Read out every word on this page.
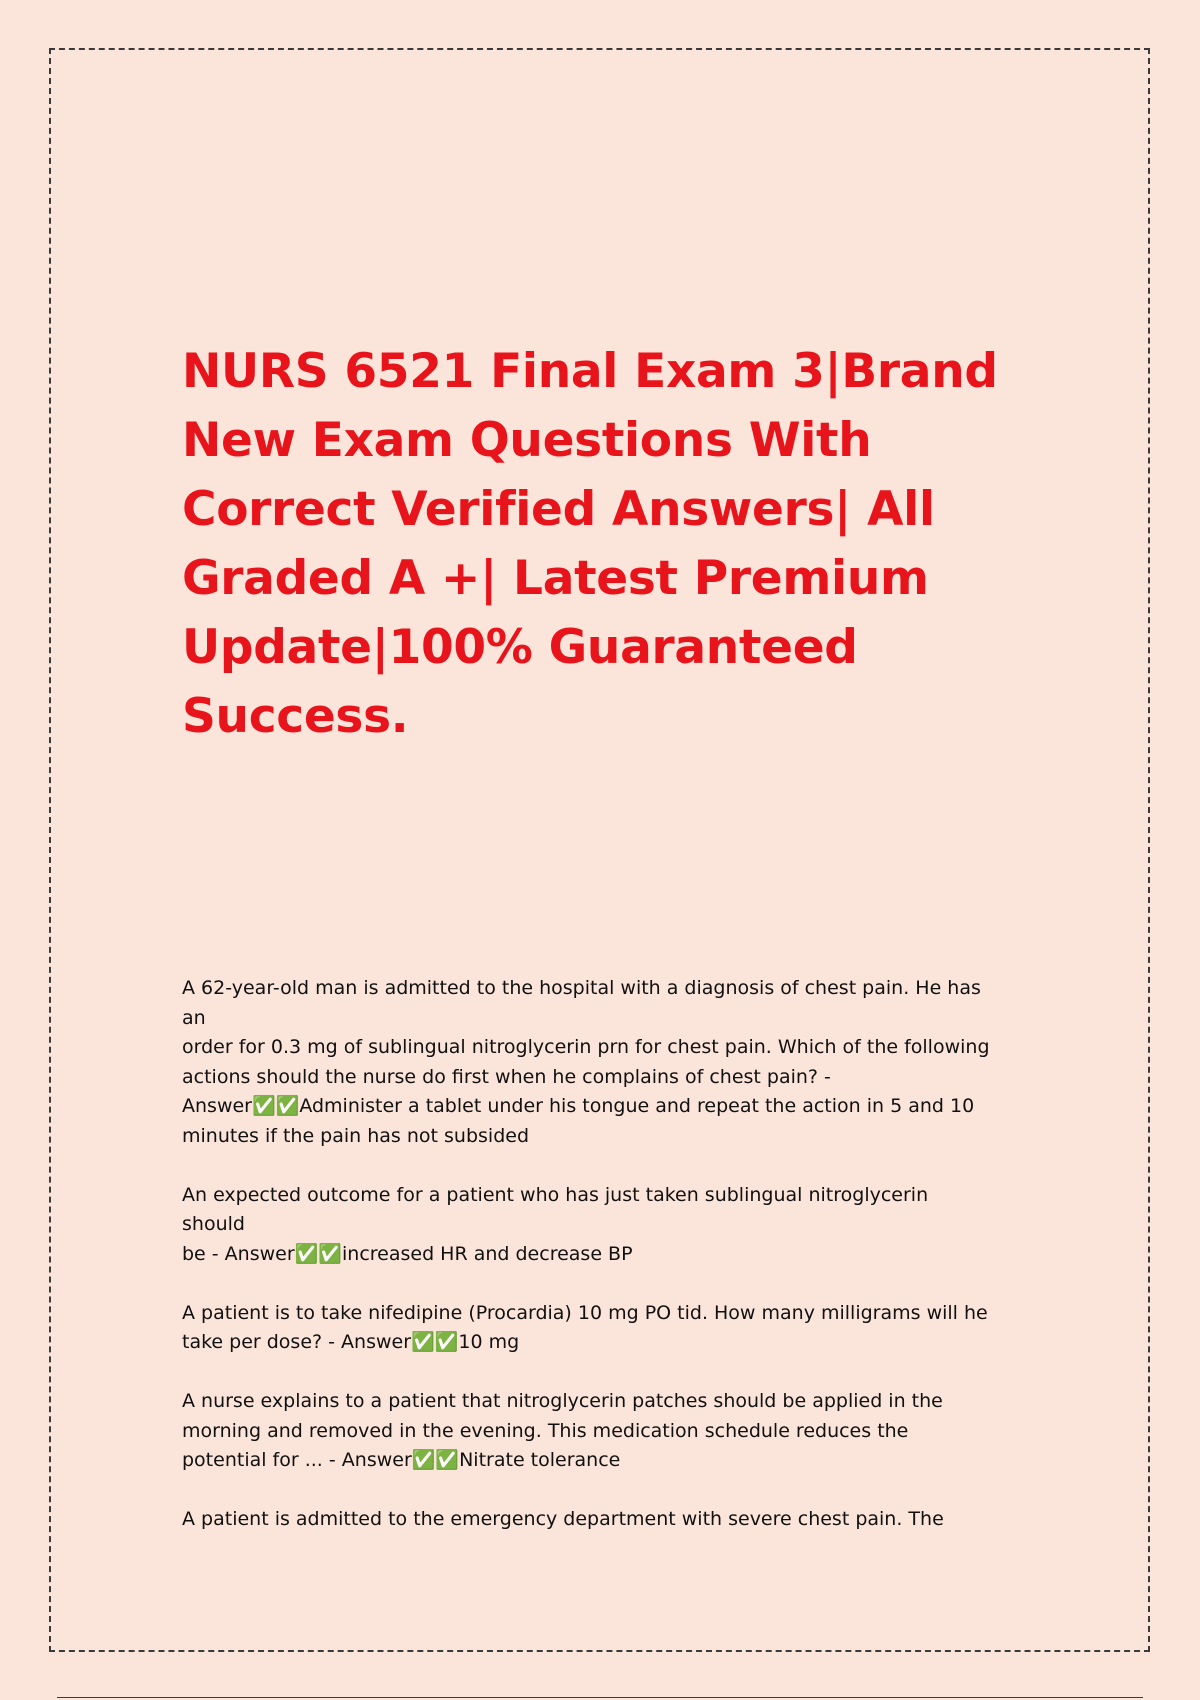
NURS 6521 Final Exam 3|Brand New Exam Questions With Correct Verified Answers| All Graded A +| Latest Premium Update|100% Guaranteed Success.

A 62-year-old man is admitted to the hospital with a diagnosis of chest pain. He has
an
order for 0.3 mg of sublingual nitroglycerin prn for chest pain. Which of the following
actions should the nurse do first when he complains of chest pain? -
Answer✅✅Administer a tablet under his tongue and repeat the action in 5 and 10
minutes if the pain has not subsided

An expected outcome for a patient who has just taken sublingual nitroglycerin
should
be - Answer✅✅increased HR and decrease BP

A patient is to take nifedipine (Procardia) 10 mg PO tid. How many milligrams will he
take per dose? - Answer✅✅10 mg

A nurse explains to a patient that nitroglycerin patches should be applied in the
morning and removed in the evening. This medication schedule reduces the
potential for ... - Answer✅✅Nitrate tolerance

A patient is admitted to the emergency department with severe chest pain. The
